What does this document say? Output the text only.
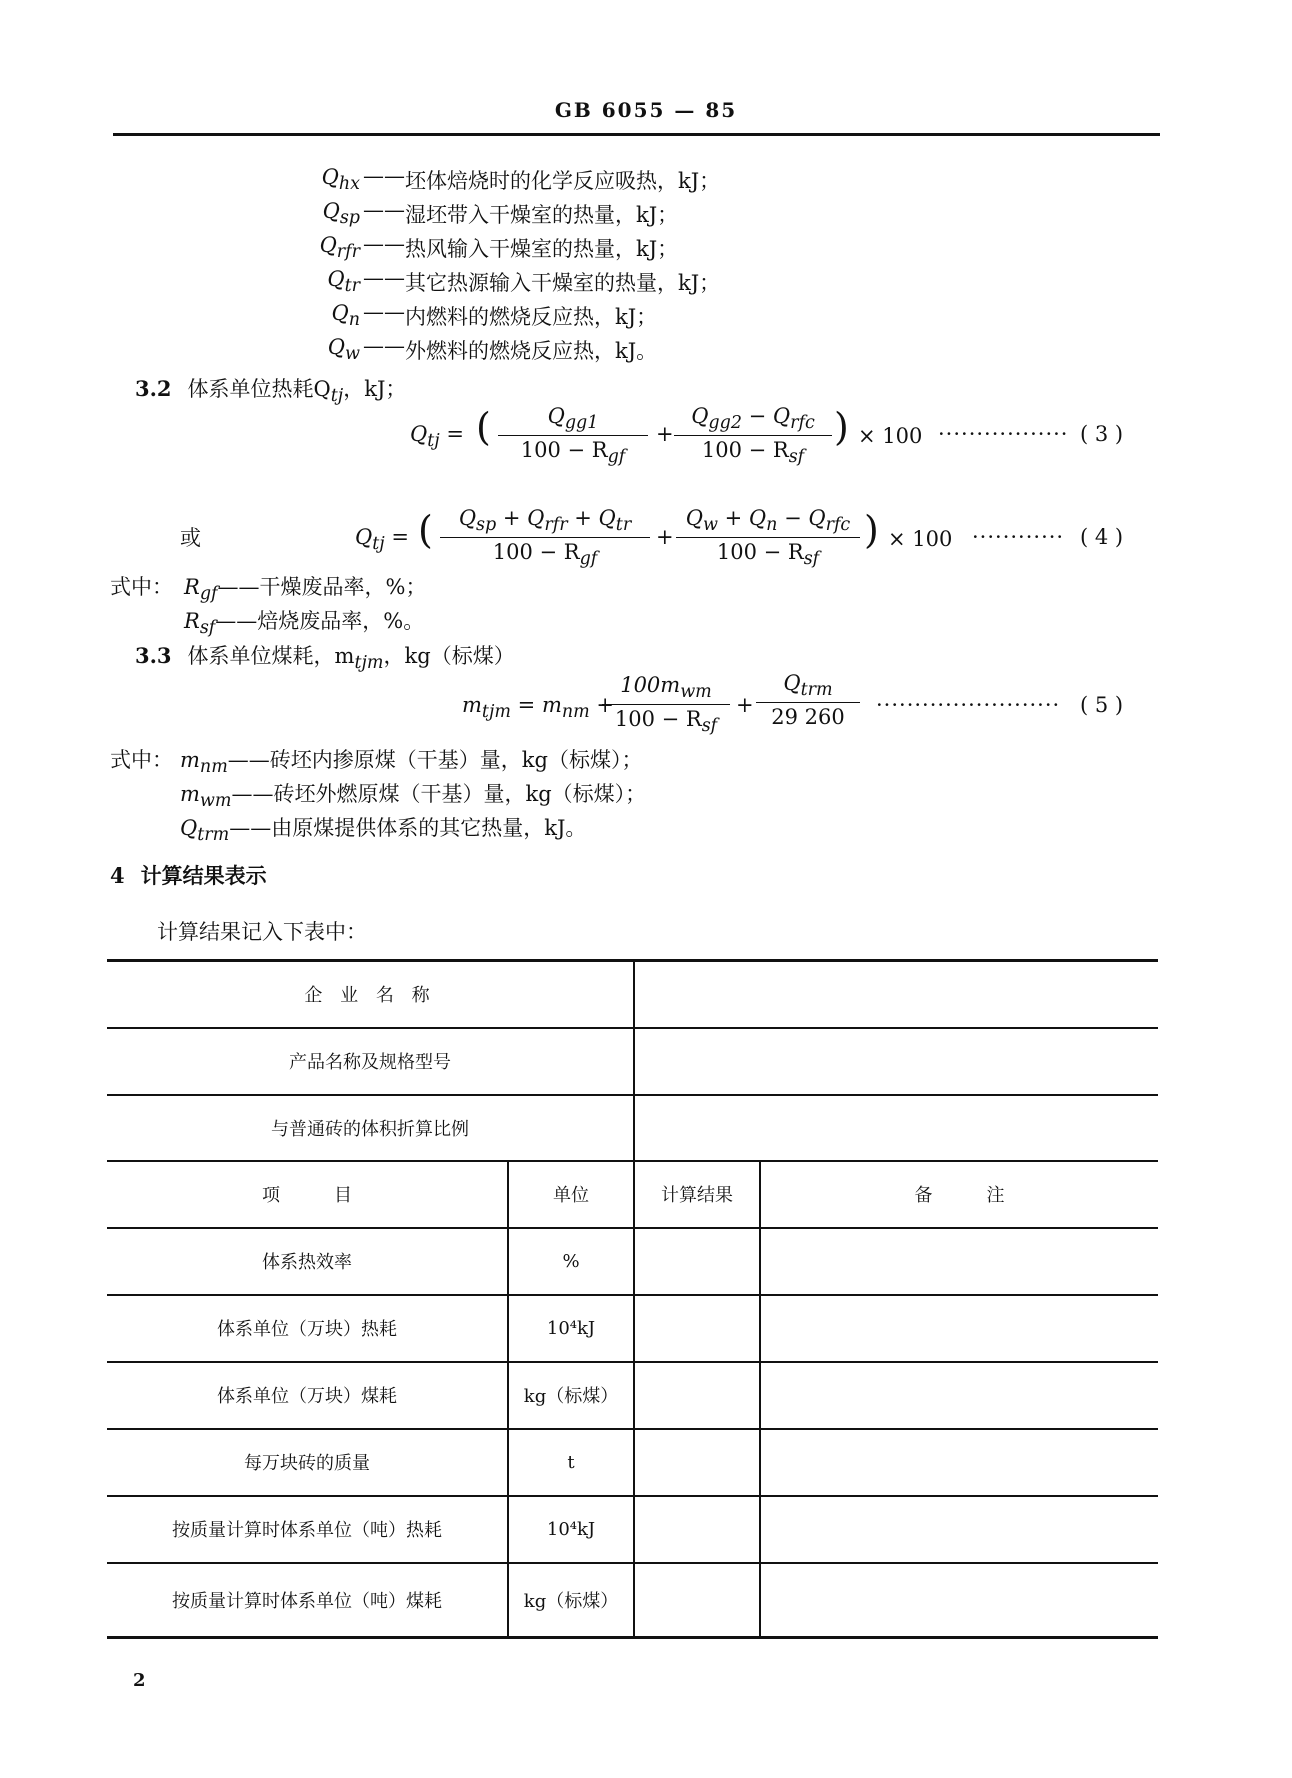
GB 6055 — 85
$Q_{hx}$ —— 坯体焙烧时的化学反应吸热，kJ；
$Q_{sp}$ —— 湿坯带入干燥室的热量，kJ；
$Q_{rfr}$ —— 热风输入干燥室的热量，kJ；
$Q_{tr}$ —— 其它热源输入干燥室的热量，kJ；
$Q_n$ —— 内燃料的燃烧反应热，kJ；
$Q_w$ —— 外燃料的燃烧反应热，kJ。
3.2 体系单位热耗$Q_{tj}$，kJ；
$Q_{tj}$ = (	$Q_{gg1}$
$100 - R_{gf}$
+
$Q_{gg2} - Q_{rfc}$
$100 - R_{sf}$
) × 100 ················· ( 3 )
或	$Q_{tj}$ = (	$Q_{sp} + Q_{rfr} + Q_{tr}$
$100 - R_{gf}$
+
$Q_w + Q_n - Q_{rfc}$
$100 - R_{sf}$
) × 100 ············ ( 4 )
式中： $R_{gf}——$干燥废品率，%；
$R_{sf}——$焙烧废品率，%。
3.3 体系单位煤耗，$m_{tjm}$，kg（标煤）
$m_{tjm} = m_{nm}$ +
$100m_{wm}$
$100 - R_{sf}$
+
$Q_{trm}$
29 260
························ ( 5 )
式中： $m_{nm}——$砖坯内掺原煤（干基）量，kg（标煤）；
$m_{wm}——$砖坯外燃原煤（干基）量，kg（标煤）；
$Q_{trm}——$由原煤提供体系的其它热量，kJ。
4 计算结果表示
计算结果记入下表中：
企 业 名 称
产品名称及规格型号
与普通砖的体积折算比例
项　　　目	单位	计算结果	备　　　注
体系热效率	%
体系单位（万块）热耗	10⁴kJ
体系单位（万块）煤耗	kg（标煤）
每万块砖的质量	t
按质量计算时体系单位（吨）热耗	10⁴kJ
按质量计算时体系单位（吨）煤耗	kg（标煤）
2
